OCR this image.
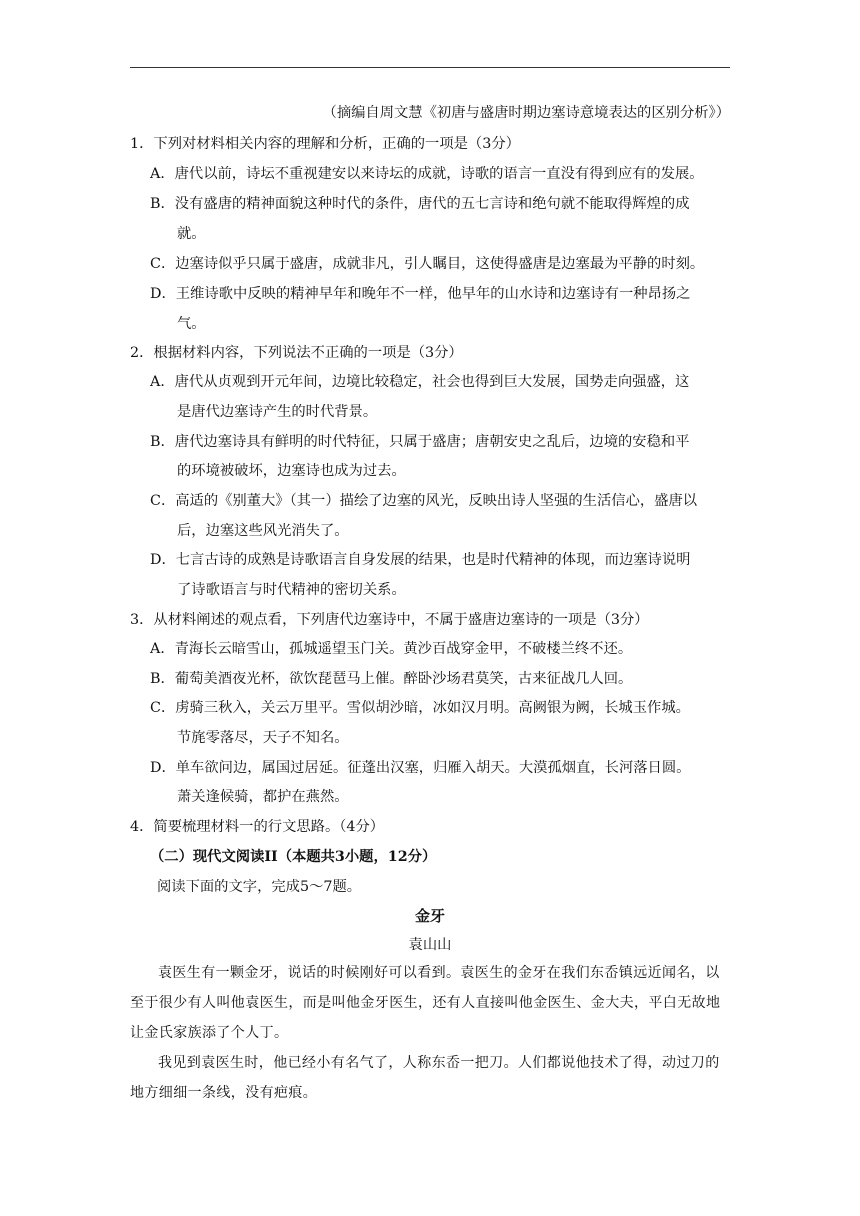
（摘编自周文慧《初唐与盛唐时期边塞诗意境表达的区别分析》）
1．下列对材料相关内容的理解和分析，正确的一项是（3分）
A．唐代以前，诗坛不重视建安以来诗坛的成就，诗歌的语言一直没有得到应有的发展。
B．没有盛唐的精神面貌这种时代的条件，唐代的五七言诗和绝句就不能取得辉煌的成
就。
C．边塞诗似乎只属于盛唐，成就非凡，引人瞩目，这使得盛唐是边塞最为平静的时刻。
D．王维诗歌中反映的精神早年和晚年不一样，他早年的山水诗和边塞诗有一种昂扬之
气。
2．根据材料内容，下列说法不正确的一项是（3分）
A．唐代从贞观到开元年间，边境比较稳定，社会也得到巨大发展，国势走向强盛，这
是唐代边塞诗产生的时代背景。
B．唐代边塞诗具有鲜明的时代特征，只属于盛唐；唐朝安史之乱后，边境的安稳和平
的环境被破坏，边塞诗也成为过去。
C．高适的《别董大》（其一）描绘了边塞的风光，反映出诗人坚强的生活信心，盛唐以
后，边塞这些风光消失了。
D．七言古诗的成熟是诗歌语言自身发展的结果，也是时代精神的体现，而边塞诗说明
了诗歌语言与时代精神的密切关系。
3．从材料阐述的观点看，下列唐代边塞诗中，不属于盛唐边塞诗的一项是（3分）
A．青海长云暗雪山，孤城遥望玉门关。黄沙百战穿金甲，不破楼兰终不还。
B．葡萄美酒夜光杯，欲饮琵琶马上催。醉卧沙场君莫笑，古来征战几人回。
C．虏骑三秋入，关云万里平。雪似胡沙暗，冰如汉月明。高阙银为阙，长城玉作城。
节旄零落尽，天子不知名。
D．单车欲问边，属国过居延。征蓬出汉塞，归雁入胡天。大漠孤烟直，长河落日圆。
萧关逢候骑，都护在燕然。
4．简要梳理材料一的行文思路。（4分）
（二）现代文阅读II（本题共3小题，12分）
阅读下面的文字，完成5～7题。
金牙
袁山山
袁医生有一颗金牙，说话的时候刚好可以看到。袁医生的金牙在我们东岙镇远近闻名，以至于很少有人叫他袁医生，而是叫他金牙医生，还有人直接叫他金医生、金大夫，平白无故地让金氏家族添了个人丁。
我见到袁医生时，他已经小有名气了，人称东岙一把刀。人们都说他技术了得，动过刀的地方细细一条线，没有疤痕。
